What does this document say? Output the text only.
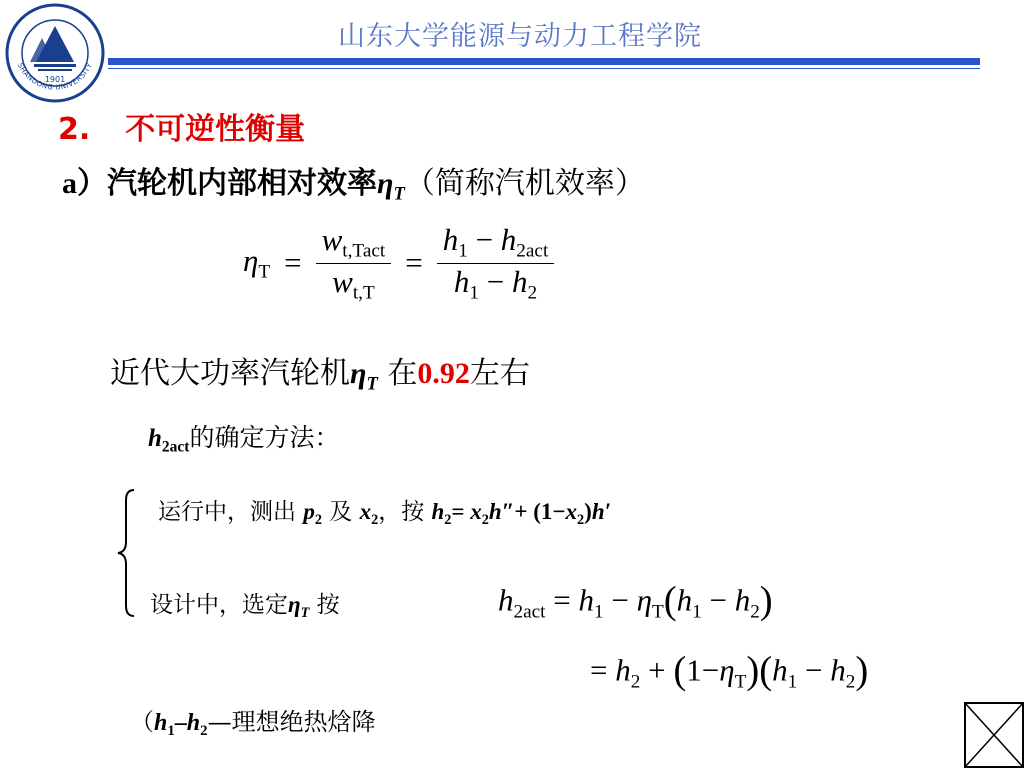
1901
SHANDONG UNIVERSITY
山东大学能源与动力工程学院
2. 不可逆性衡量
a）汽轮机内部相对效率$\eta_T$（简称汽机效率）
$\eta_T = \frac{w_{t,Tact}}{w_{t,T}} = \frac{h_1 - h_{2act}}{h_1 - h_2}$
近代大功率汽轮机$\eta_T$ 在0.92左右
$h_{2act}$的确定方法：
运行中，测出 $p_2$ 及 $x_2$，按 $h_2= x_2h''+ (1-x_2)h'$
设计中，选定$\eta_T$ 按	$h_{2act} = h_1 - \eta_T(h_1 - h_2)$
= $h_2 + (1-\eta_T)(h_1 - h_2)$
（$h_1-h_2—$理想绝热焓降
